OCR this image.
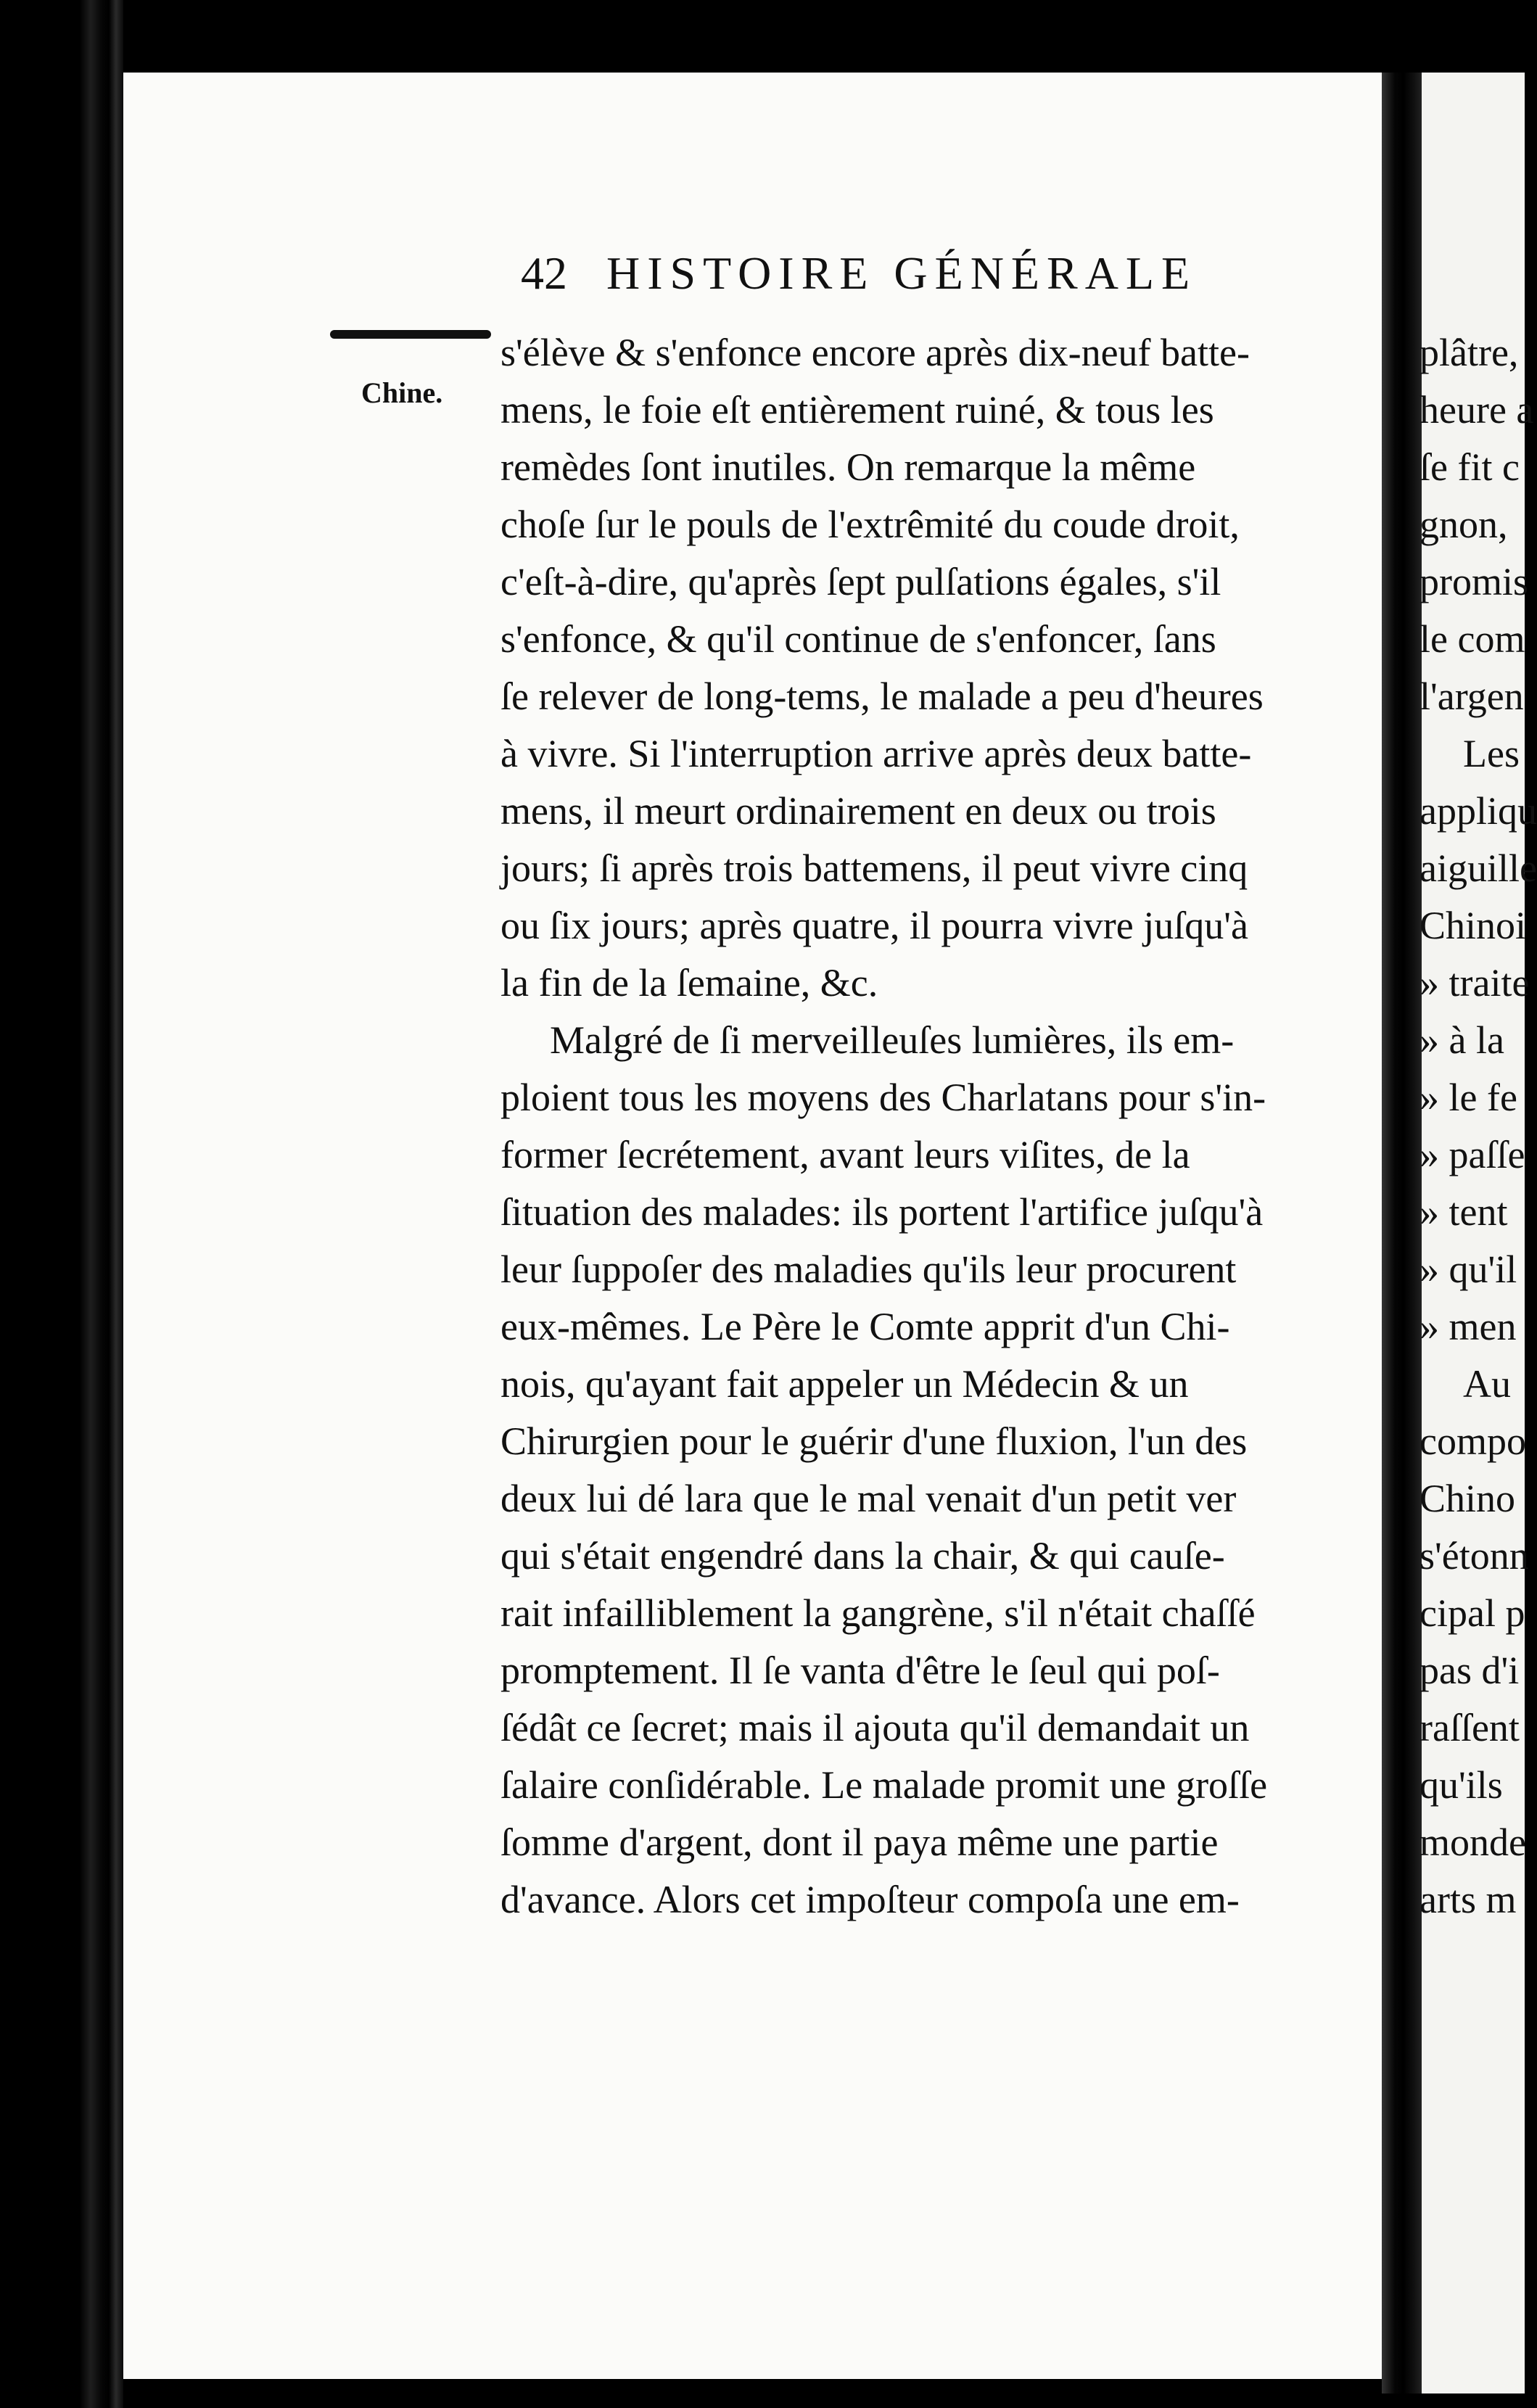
42 HISTOIRE GÉNÉRALE
Chine.
s'élève & s'enfonce encore après dix-neuf batte-
mens, le foie eſt entièrement ruiné, & tous les
remèdes ſont inutiles. On remarque la même
choſe ſur le pouls de l'extrêmité du coude droit,
c'eſt-à-dire, qu'après ſept pulſations égales, s'il
s'enfonce, & qu'il continue de s'enfoncer, ſans
ſe relever de long-tems, le malade a peu d'heures
à vivre. Si l'interruption arrive après deux batte-
mens, il meurt ordinairement en deux ou trois
jours; ſi après trois battemens, il peut vivre cinq
ou ſix jours; après quatre, il pourra vivre juſqu'à
la fin de la ſemaine, &c.
Malgré de ſi merveilleuſes lumières, ils em-
ploient tous les moyens des Charlatans pour s'in-
former ſecrétement, avant leurs viſites, de la
ſituation des malades: ils portent l'artifice juſqu'à
leur ſuppoſer des maladies qu'ils leur procurent
eux-mêmes. Le Père le Comte apprit d'un Chi-
nois, qu'ayant fait appeler un Médecin & un
Chirurgien pour le guérir d'une fluxion, l'un des
deux lui dé lara que le mal venait d'un petit ver
qui s'était engendré dans la chair, & qui cauſe-
rait infailliblement la gangrène, s'il n'était chaſſé
promptement. Il ſe vanta d'être le ſeul qui poſ-
ſédât ce ſecret; mais il ajouta qu'il demandait un
ſalaire conſidérable. Le malade promit une groſſe
ſomme d'argent, dont il paya même une partie
d'avance. Alors cet impoſteur compoſa une em-
plâtre,
heure a
ſe fit c
gnon,
promis
le com
l'argen
Les
appliqu
aiguille
Chinoi
» traite
» à la
» le fe
» paſſe
» tent
» qu'il
» men
Au
compo
Chino
s'étonn
cipal p
pas d'i
raſſent
qu'ils
monde
arts m
